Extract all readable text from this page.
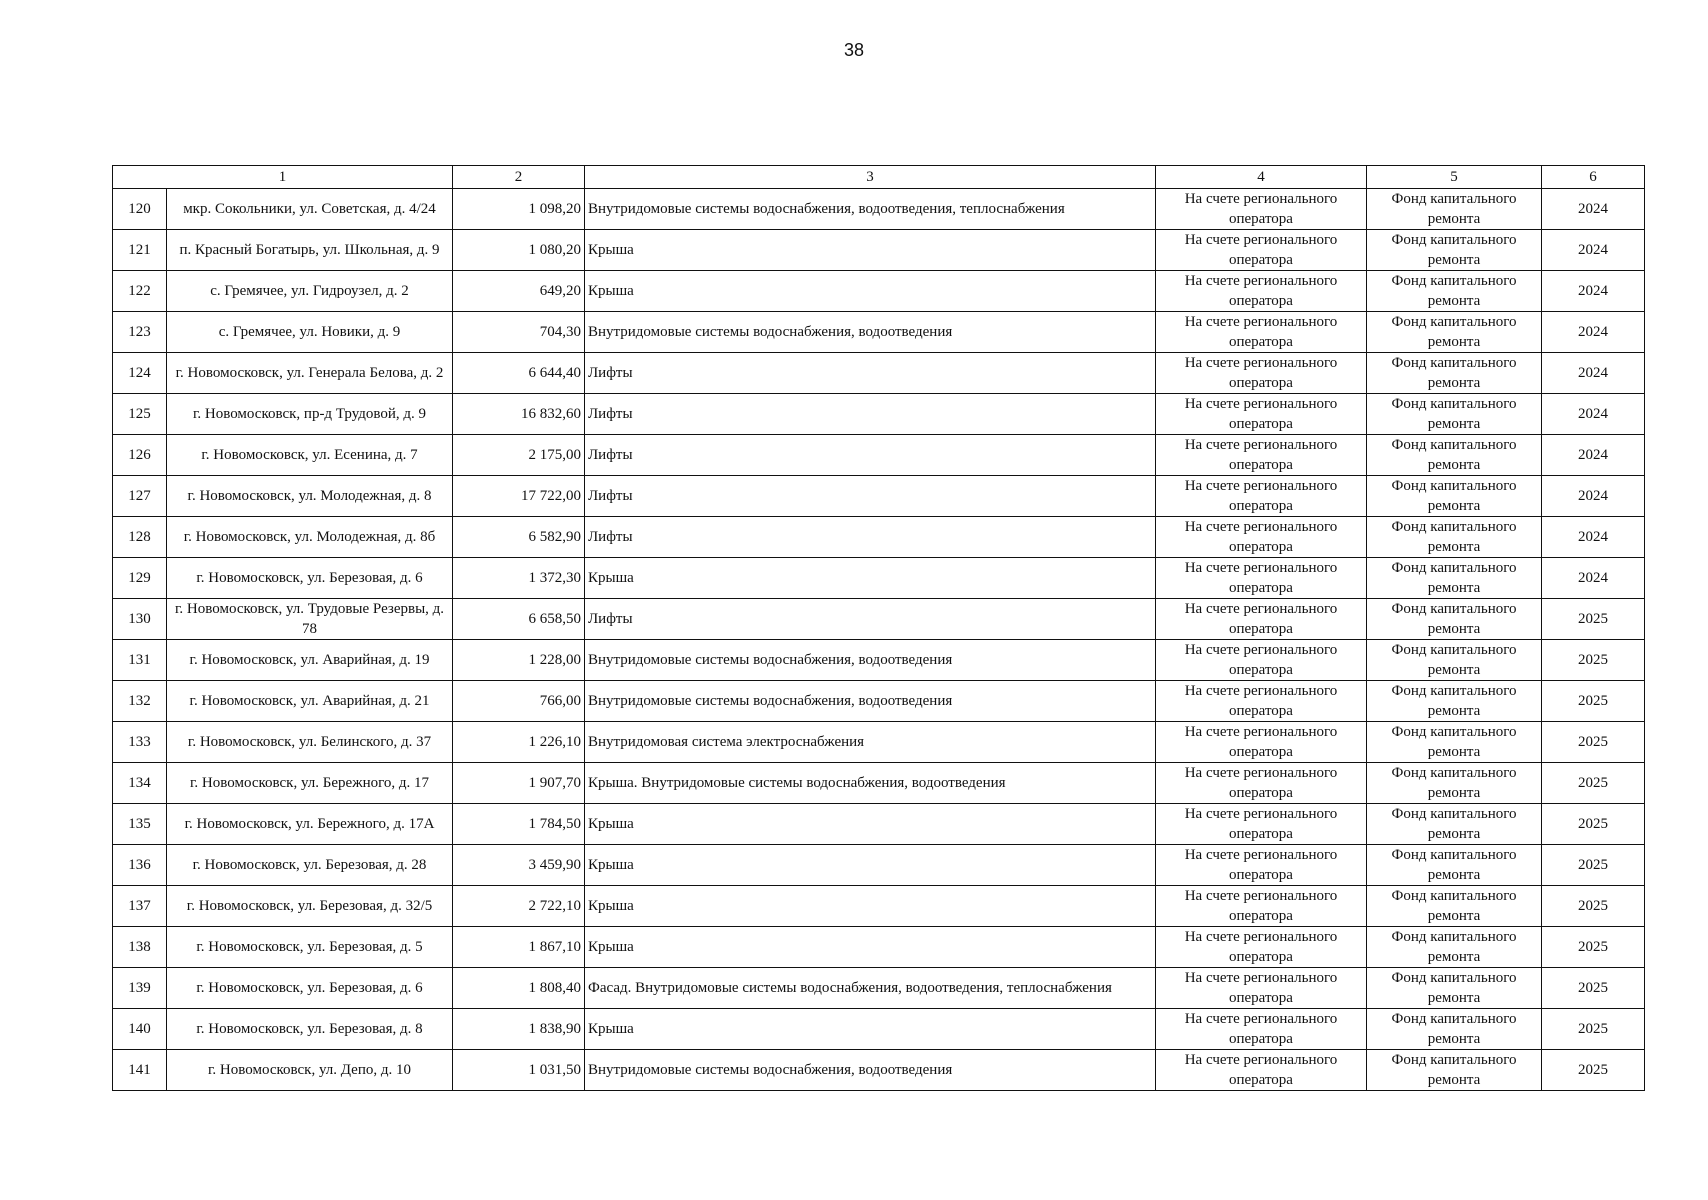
38
1		2	3	4	5	6
120	мкр. Сокольники, ул. Советская, д. 4/24	1 098,20	Внутридомовые системы водоснабжения, водоотведения, теплоснабжения	На счете регионального оператора	Фонд капитального ремонта	2024
121	п. Красный Богатырь, ул. Школьная, д. 9	1 080,20	Крыша	На счете регионального оператора	Фонд капитального ремонта	2024
122	с. Гремячее, ул. Гидроузел, д. 2	649,20	Крыша	На счете регионального оператора	Фонд капитального ремонта	2024
123	с. Гремячее, ул. Новики, д. 9	704,30	Внутридомовые системы водоснабжения, водоотведения	На счете регионального оператора	Фонд капитального ремонта	2024
124	г. Новомосковск, ул. Генерала Белова, д. 2	6 644,40	Лифты	На счете регионального оператора	Фонд капитального ремонта	2024
125	г. Новомосковск, пр-д Трудовой, д. 9	16 832,60	Лифты	На счете регионального оператора	Фонд капитального ремонта	2024
126	г. Новомосковск, ул. Есенина, д. 7	2 175,00	Лифты	На счете регионального оператора	Фонд капитального ремонта	2024
127	г. Новомосковск, ул. Молодежная, д. 8	17 722,00	Лифты	На счете регионального оператора	Фонд капитального ремонта	2024
128	г. Новомосковск, ул. Молодежная, д. 8б	6 582,90	Лифты	На счете регионального оператора	Фонд капитального ремонта	2024
129	г. Новомосковск, ул. Березовая, д. 6	1 372,30	Крыша	На счете регионального оператора	Фонд капитального ремонта	2024
130	г. Новомосковск, ул. Трудовые Резервы, д. 78	6 658,50	Лифты	На счете регионального оператора	Фонд капитального ремонта	2025
131	г. Новомосковск, ул. Аварийная, д. 19	1 228,00	Внутридомовые системы водоснабжения, водоотведения	На счете регионального оператора	Фонд капитального ремонта	2025
132	г. Новомосковск, ул. Аварийная, д. 21	766,00	Внутридомовые системы водоснабжения, водоотведения	На счете регионального оператора	Фонд капитального ремонта	2025
133	г. Новомосковск, ул. Белинского, д. 37	1 226,10	Внутридомовая система электроснабжения	На счете регионального оператора	Фонд капитального ремонта	2025
134	г. Новомосковск, ул. Бережного, д. 17	1 907,70	Крыша. Внутридомовые системы водоснабжения, водоотведения	На счете регионального оператора	Фонд капитального ремонта	2025
135	г. Новомосковск, ул. Бережного, д. 17А	1 784,50	Крыша	На счете регионального оператора	Фонд капитального ремонта	2025
136	г. Новомосковск, ул. Березовая, д. 28	3 459,90	Крыша	На счете регионального оператора	Фонд капитального ремонта	2025
137	г. Новомосковск, ул. Березовая, д. 32/5	2 722,10	Крыша	На счете регионального оператора	Фонд капитального ремонта	2025
138	г. Новомосковск, ул. Березовая, д. 5	1 867,10	Крыша	На счете регионального оператора	Фонд капитального ремонта	2025
139	г. Новомосковск, ул. Березовая, д. 6	1 808,40	Фасад. Внутридомовые системы водоснабжения, водоотведения, теплоснабжения	На счете регионального оператора	Фонд капитального ремонта	2025
140	г. Новомосковск, ул. Березовая, д. 8	1 838,90	Крыша	На счете регионального оператора	Фонд капитального ремонта	2025
141	г. Новомосковск, ул. Депо, д. 10	1 031,50	Внутридомовые системы водоснабжения, водоотведения	На счете регионального оператора	Фонд капитального ремонта	2025
